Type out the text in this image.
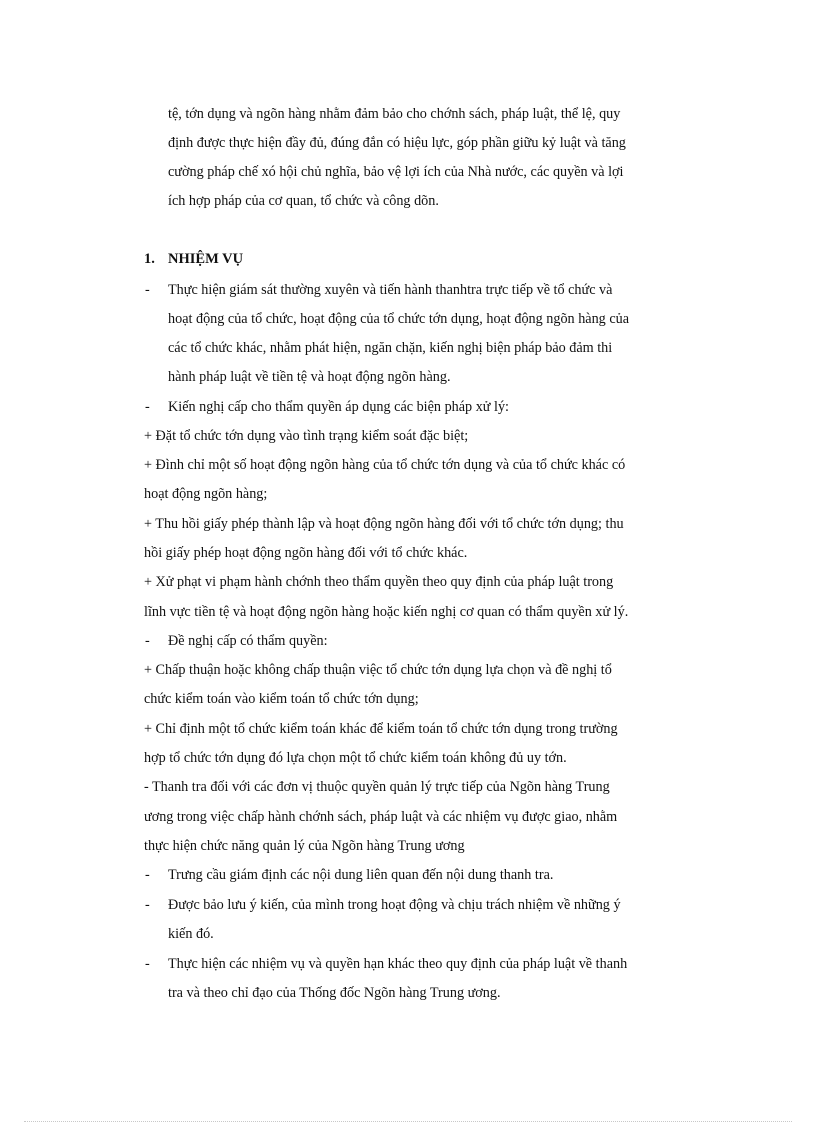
tệ, tớn dụng và ngõn hàng nhằm đảm bảo cho chớnh sách, pháp luật, thể lệ, quy
định được thực hiện đầy đủ, đúng đắn có hiệu lực, góp phần giữu kỷ luật và tăng
cường pháp chế xó hội chủ nghĩa, bảo vệ lợi ích của Nhà nước, các quyền và lợi
ích hợp pháp của cơ quan, tổ chức và công dõn.
1. NHIỆM VỤ
- Thực hiện giám sát thường xuyên và tiến hành thanhtra trực tiếp về tổ chức và
hoạt động của tổ chức, hoạt động của tổ chức tớn dụng, hoạt động ngõn hàng của
các tổ chức khác, nhằm phát hiện, ngăn chặn, kiến nghị biện pháp bảo đảm thi
hành pháp luật về tiền tệ và hoạt động ngõn hàng.
- Kiến nghị cấp cho thẩm quyền áp dụng các biện pháp xử lý:
+ Đặt tổ chức tớn dụng vào tình trạng kiểm soát đặc biệt;
+ Đình chỉ một số hoạt động ngõn hàng của tổ chức tớn dụng và của tổ chức khác có
hoạt động ngõn hàng;
+ Thu hồi giấy phép thành lập và hoạt động ngõn hàng đối với tổ chức tớn dụng; thu
hồi giấy phép hoạt động ngõn hàng đối với tổ chức khác.
+ Xử phạt vi phạm hành chớnh theo thẩm quyền theo quy định của pháp luật trong
lĩnh vực tiền tệ và hoạt động ngõn hàng hoặc kiến nghị cơ quan có thẩm quyền xử lý.
- Đề nghị cấp có thẩm quyền:
+ Chấp thuận hoặc không chấp thuận việc tổ chức tớn dụng lựa chọn và đề nghị tổ
chức kiểm toán vào kiểm toán tổ chức tớn dụng;
+ Chỉ định một tổ chức kiểm toán khác để kiểm toán tổ chức tớn dụng trong trường
hợp tổ chức tớn dụng đó lựa chọn một tổ chức kiểm toán không đủ uy tớn.
- Thanh tra đối với các đơn vị thuộc quyền quản lý trực tiếp của Ngõn hàng Trung
ương trong việc chấp hành chớnh sách, pháp luật và các nhiệm vụ được giao, nhằm
thực hiện chức năng quản lý của Ngõn hàng Trung ương
- Trưng cầu giám định các nội dung liên quan đến nội dung thanh tra.
- Được bảo lưu ý kiến, của mình trong hoạt động và chịu trách nhiệm về những ý
kiến đó.
- Thực hiện các nhiệm vụ và quyền hạn khác theo quy định của pháp luật về thanh
tra và theo chỉ đạo của Thống đốc Ngõn hàng Trung ương.
